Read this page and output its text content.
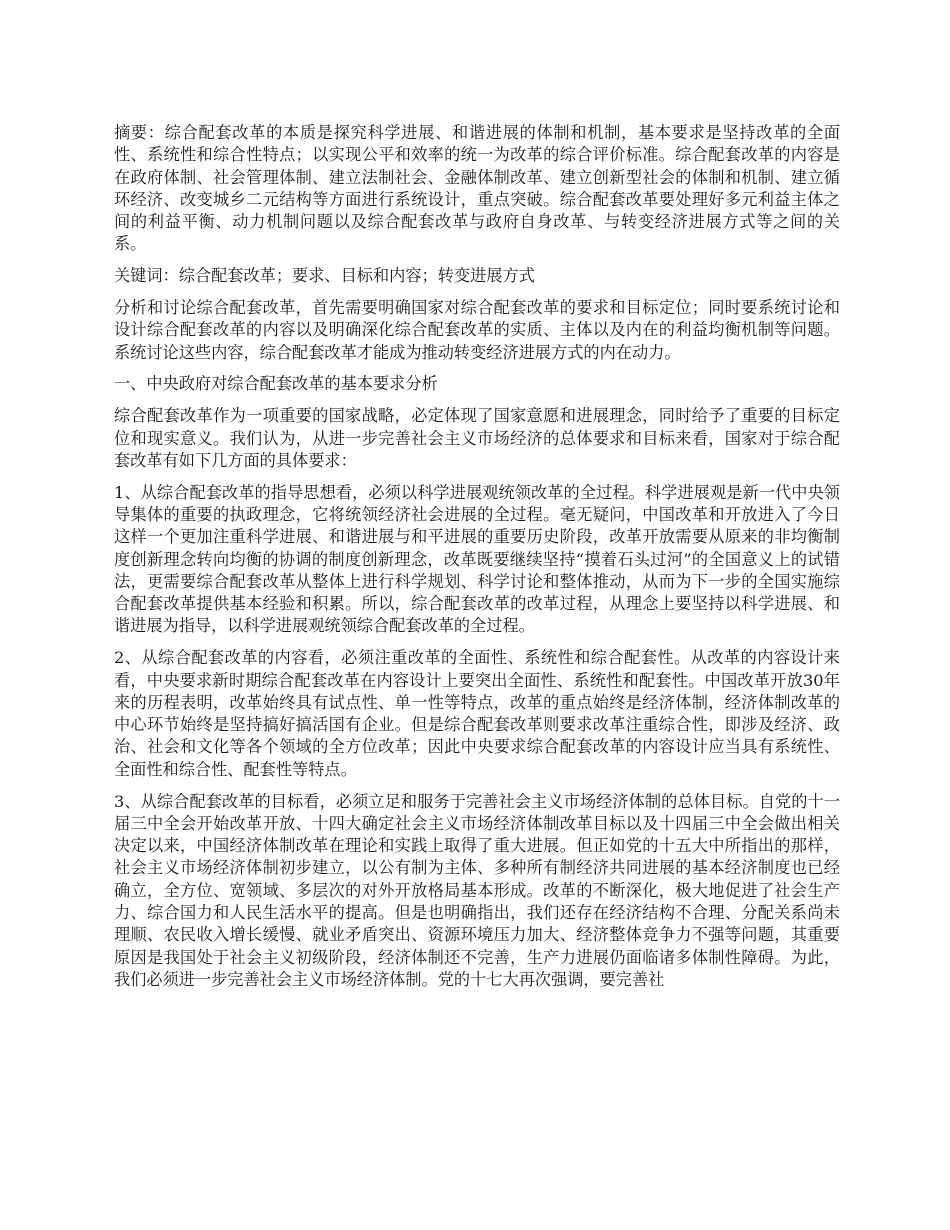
摘要：综合配套改革的本质是探究科学进展、和谐进展的体制和机制，基本要求是坚持改革的全面性、系统性和综合性特点；以实现公平和效率的统一为改革的综合评价标准。综合配套改革的内容是在政府体制、社会管理体制、建立法制社会、金融体制改革、建立创新型社会的体制和机制、建立循环经济、改变城乡二元结构等方面进行系统设计，重点突破。综合配套改革要处理好多元利益主体之间的利益平衡、动力机制问题以及综合配套改革与政府自身改革、与转变经济进展方式等之间的关系。

关键词：综合配套改革；要求、目标和内容；转变进展方式

分析和讨论综合配套改革，首先需要明确国家对综合配套改革的要求和目标定位；同时要系统讨论和设计综合配套改革的内容以及明确深化综合配套改革的实质、主体以及内在的利益均衡机制等问题。系统讨论这些内容，综合配套改革才能成为推动转变经济进展方式的内在动力。

一、中央政府对综合配套改革的基本要求分析

综合配套改革作为一项重要的国家战略，必定体现了国家意愿和进展理念，同时给予了重要的目标定位和现实意义。我们认为，从进一步完善社会主义市场经济的总体要求和目标来看，国家对于综合配套改革有如下几方面的具体要求：

1、从综合配套改革的指导思想看，必须以科学进展观统领改革的全过程。科学进展观是新一代中央领导集体的重要的执政理念，它将统领经济社会进展的全过程。毫无疑问，中国改革和开放进入了今日这样一个更加注重科学进展、和谐进展与和平进展的重要历史阶段，改革开放需要从原来的非均衡制度创新理念转向均衡的协调的制度创新理念，改革既要继续坚持“摸着石头过河”的全国意义上的试错法，更需要综合配套改革从整体上进行科学规划、科学讨论和整体推动，从而为下一步的全国实施综合配套改革提供基本经验和积累。所以，综合配套改革的改革过程，从理念上要坚持以科学进展、和谐进展为指导，以科学进展观统领综合配套改革的全过程。

2、从综合配套改革的内容看，必须注重改革的全面性、系统性和综合配套性。从改革的内容设计来看，中央要求新时期综合配套改革在内容设计上要突出全面性、系统性和配套性。中国改革开放30年来的历程表明，改革始终具有试点性、单一性等特点，改革的重点始终是经济体制，经济体制改革的中心环节始终是坚持搞好搞活国有企业。但是综合配套改革则要求改革注重综合性，即涉及经济、政治、社会和文化等各个领域的全方位改革；因此中央要求综合配套改革的内容设计应当具有系统性、全面性和综合性、配套性等特点。

3、从综合配套改革的目标看，必须立足和服务于完善社会主义市场经济体制的总体目标。自党的十一届三中全会开始改革开放、十四大确定社会主义市场经济体制改革目标以及十四届三中全会做出相关决定以来，中国经济体制改革在理论和实践上取得了重大进展。但正如党的十五大中所指出的那样，社会主义市场经济体制初步建立，以公有制为主体、多种所有制经济共同进展的基本经济制度也已经确立，全方位、宽领域、多层次的对外开放格局基本形成。改革的不断深化，极大地促进了社会生产力、综合国力和人民生活水平的提高。但是也明确指出，我们还存在经济结构不合理、分配关系尚未理顺、农民收入增长缓慢、就业矛盾突出、资源环境压力加大、经济整体竞争力不强等问题，其重要原因是我国处于社会主义初级阶段，经济体制还不完善，生产力进展仍面临诸多体制性障碍。为此，我们必须进一步完善社会主义市场经济体制。党的十七大再次强调，要完善社
